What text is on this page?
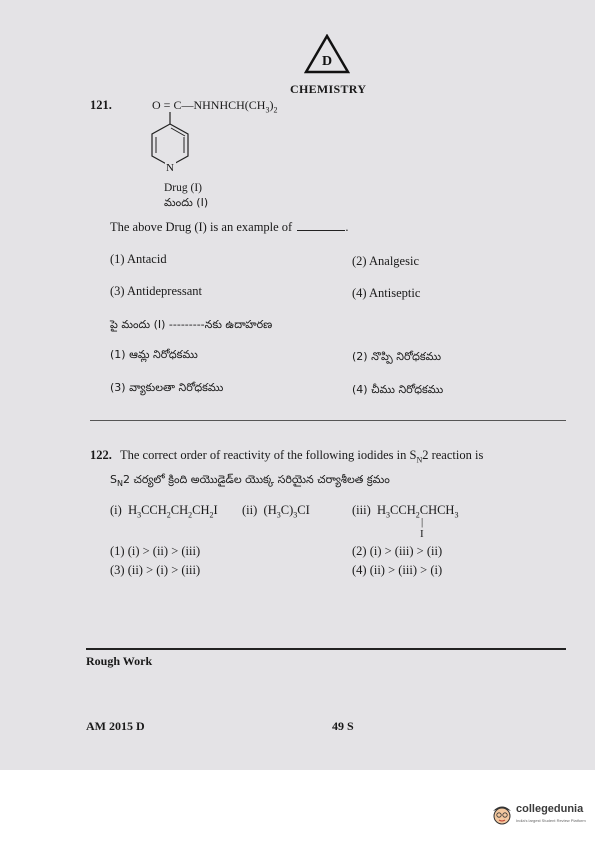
D
CHEMISTRY
121.	$O = C—NHNHCH(CH_3)_2$
N
Drug (I)
మందు (I)
The above Drug (I) is an example of	.
(1) Antacid	(2) Analgesic
(3) Antidepressant	(4) Antiseptic
పై మందు (I) ---------నకు ఉదాహరణ
(1) ఆమ్ల నిరోధకము	(2) నొప్పి నిరోధకము
(3) వ్యాకులతా నిరోధకము	(4) చీము నిరోధకము
122. The correct order of reactivity of the following iodides in $S_N2$ reaction is
$S_N2$ చర్యలో క్రింది అయొడైడ్‌ల యొక్క సరియైన చర్యాశీలత క్రమం
(i)  $H_3CCH_2CH_2CH_2I$ (ii)  $(H_3C)_3CI$	(iii)  $H_3CCH_2CHCH_3$
|
I
(1) (i) > (ii) > (iii)	(2) (i) > (iii) > (ii)
(3) (ii) > (i) > (iii)	(4) (ii) > (iii) > (i)
Rough Work
AM 2015 D	49 S
collegedunia
India's largest Student Review Platform
